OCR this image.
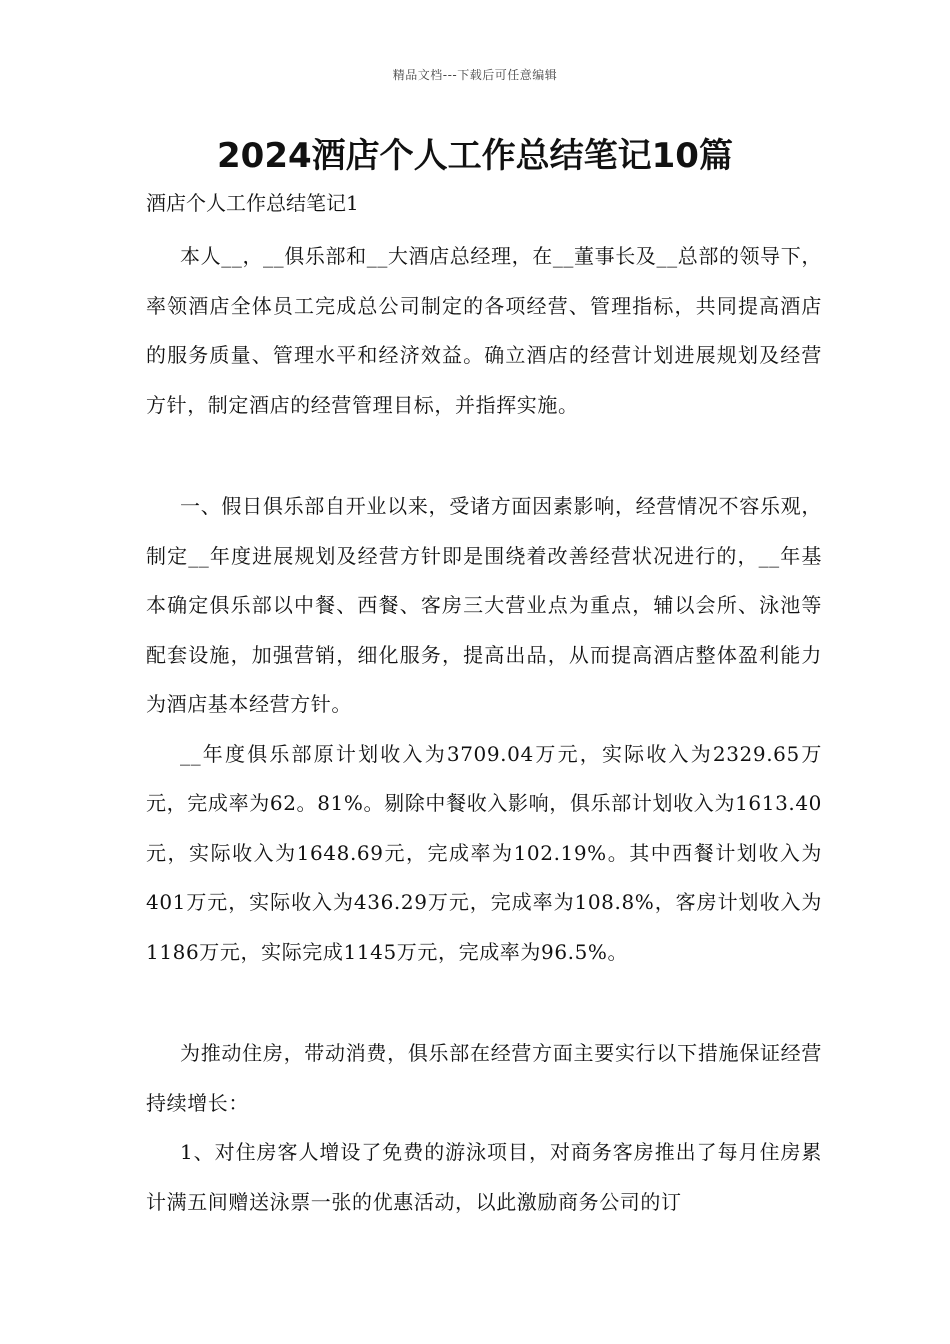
精品文档---下载后可任意编辑
2024酒店个人工作总结笔记10篇
酒店个人工作总结笔记1

本人__，__俱乐部和__大酒店总经理，在__董事长及__总部的领导下，率领酒店全体员工完成总公司制定的各项经营、管理指标，共同提高酒店的服务质量、管理水平和经济效益。确立酒店的经营计划进展规划及经营方针，制定酒店的经营管理目标，并指挥实施。

一、假日俱乐部自开业以来，受诸方面因素影响，经营情况不容乐观，制定__年度进展规划及经营方针即是围绕着改善经营状况进行的，__年基本确定俱乐部以中餐、西餐、客房三大营业点为重点，辅以会所、泳池等配套设施，加强营销，细化服务，提高出品，从而提高酒店整体盈利能力为酒店基本经营方针。

__年度俱乐部原计划收入为3709.04万元，实际收入为2329.65万元，完成率为62。81%。剔除中餐收入影响，俱乐部计划收入为1613.40元，实际收入为1648.69元，完成率为102.19%。其中西餐计划收入为401万元，实际收入为436.29万元，完成率为108.8%，客房计划收入为1186万元，实际完成1145万元，完成率为96.5%。

为推动住房，带动消费，俱乐部在经营方面主要实行以下措施保证经营持续增长：

1、对住房客人增设了免费的游泳项目，对商务客房推出了每月住房累计满五间赠送泳票一张的优惠活动，以此激励商务公司的订
